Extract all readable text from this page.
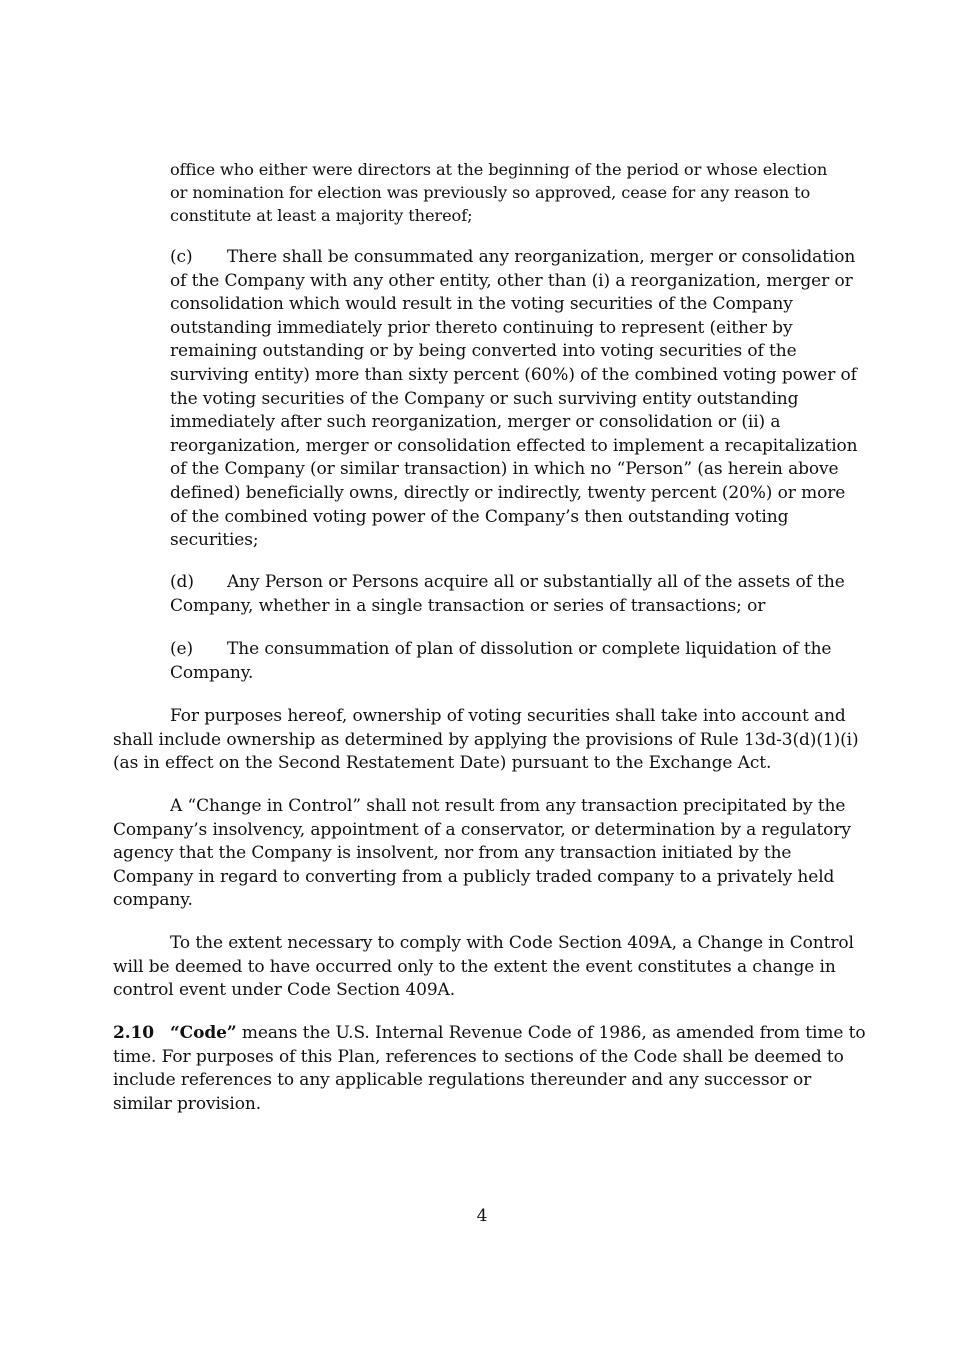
office who either were directors at the beginning of the period or whose election
or nomination for election was previously so approved, cease for any reason to
constitute at least a majority thereof;

(c) There shall be consummated any reorganization, merger or consolidation
of the Company with any other entity, other than (i) a reorganization, merger or
consolidation which would result in the voting securities of the Company
outstanding immediately prior thereto continuing to represent (either by
remaining outstanding or by being converted into voting securities of the
surviving entity) more than sixty percent (60%) of the combined voting power of
the voting securities of the Company or such surviving entity outstanding
immediately after such reorganization, merger or consolidation or (ii) a
reorganization, merger or consolidation effected to implement a recapitalization
of the Company (or similar transaction) in which no “Person” (as herein above
defined) beneficially owns, directly or indirectly, twenty percent (20%) or more
of the combined voting power of the Company’s then outstanding voting
securities;

(d) Any Person or Persons acquire all or substantially all of the assets of the
Company, whether in a single transaction or series of transactions; or

(e) The consummation of plan of dissolution or complete liquidation of the
Company.

For purposes hereof, ownership of voting securities shall take into account and
shall include ownership as determined by applying the provisions of Rule 13d-3(d)(1)(i)
(as in effect on the Second Restatement Date) pursuant to the Exchange Act.

A “Change in Control” shall not result from any transaction precipitated by the
Company’s insolvency, appointment of a conservator, or determination by a regulatory
agency that the Company is insolvent, nor from any transaction initiated by the
Company in regard to converting from a publicly traded company to a privately held
company.

To the extent necessary to comply with Code Section 409A, a Change in Control
will be deemed to have occurred only to the extent the event constitutes a change in
control event under Code Section 409A.

2.10 “Code” means the U.S. Internal Revenue Code of 1986, as amended from time to
time. For purposes of this Plan, references to sections of the Code shall be deemed to
include references to any applicable regulations thereunder and any successor or
similar provision.

4
